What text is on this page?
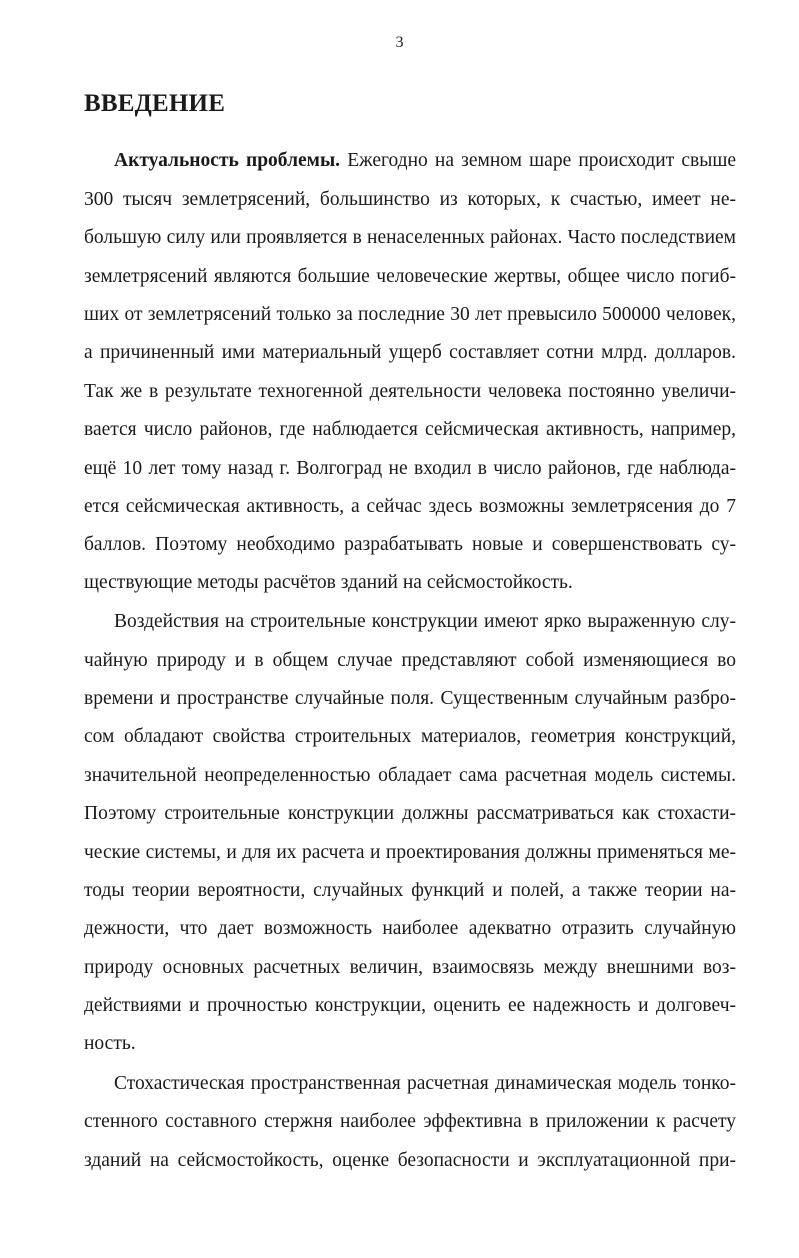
3
ВВЕДЕНИЕ
Актуальность проблемы. Ежегодно на земном шаре происходит свыше
300 тысяч землетрясений, большинство из которых, к счастью, имеет не-
большую силу или проявляется в ненаселенных районах. Часто последствием
землетрясений являются большие человеческие жертвы, общее число погиб-
ших от землетрясений только за последние 30 лет превысило 500000 человек,
а причиненный ими материальный ущерб составляет сотни млрд. долларов.
Так же в результате техногенной деятельности человека постоянно увеличи-
вается число районов, где наблюдается сейсмическая активность, например,
ещё 10 лет тому назад г. Волгоград не входил в число районов, где наблюда-
ется сейсмическая активность, а сейчас здесь возможны землетрясения до 7
баллов. Поэтому необходимо разрабатывать новые и совершенствовать су-
ществующие методы расчётов зданий на сейсмостойкость.
Воздействия на строительные конструкции имеют ярко выраженную слу-
чайную природу и в общем случае представляют собой изменяющиеся во
времени и пространстве случайные поля. Существенным случайным разбро-
сом обладают свойства строительных материалов, геометрия конструкций,
значительной неопределенностью обладает сама расчетная модель системы.
Поэтому строительные конструкции должны рассматриваться как стохасти-
ческие системы, и для их расчета и проектирования должны применяться ме-
тоды теории вероятности, случайных функций и полей, а также теории на-
дежности, что дает возможность наиболее адекватно отразить случайную
природу основных расчетных величин, взаимосвязь между внешними воз-
действиями и прочностью конструкции, оценить ее надежность и долговеч-
ность.
Стохастическая пространственная расчетная динамическая модель тонко-
стенного составного стержня наиболее эффективна в приложении к расчету
зданий на сейсмостойкость, оценке безопасности и эксплуатационной при-
